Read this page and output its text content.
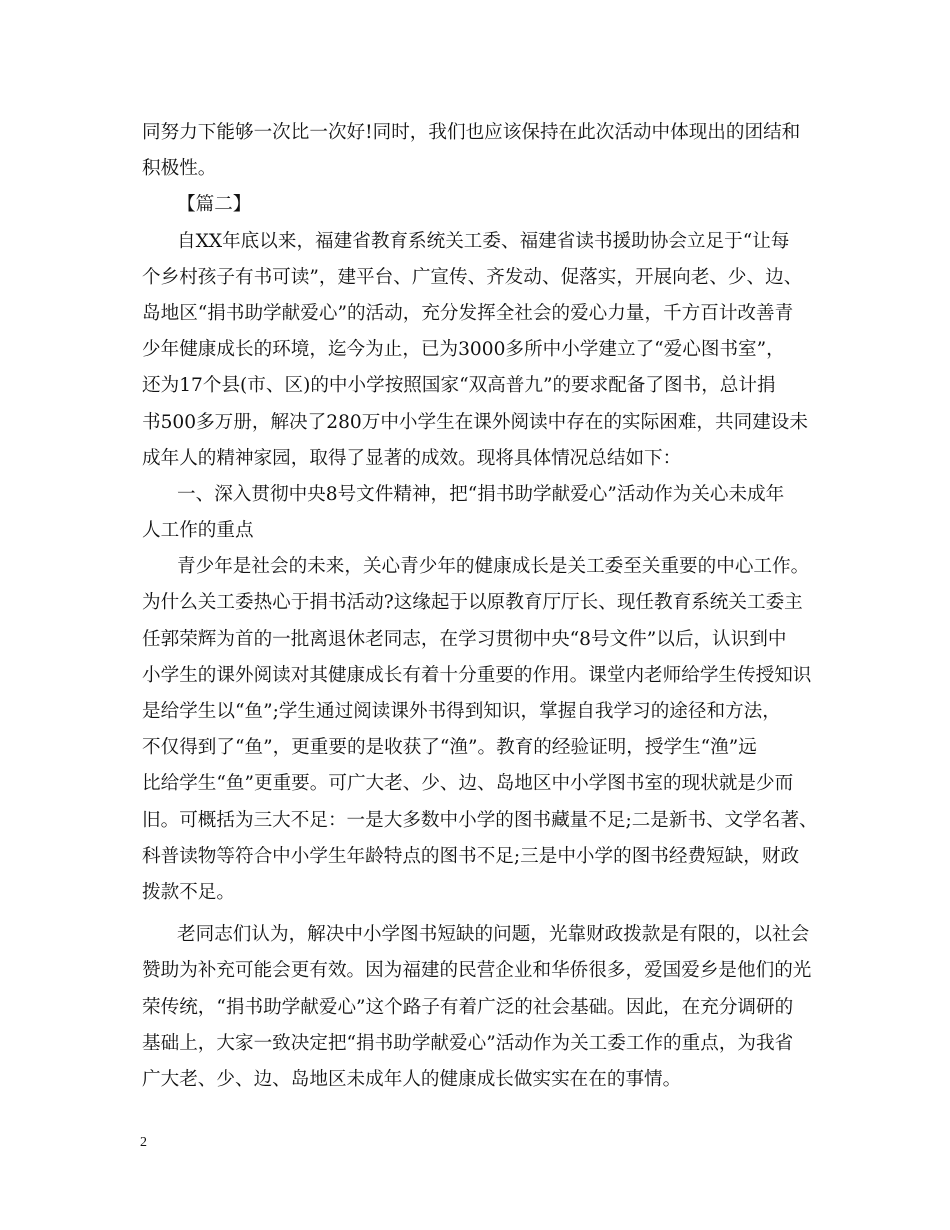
同努力下能够一次比一次好!同时，我们也应该保持在此次活动中体现出的团结和
积极性。
【篇二】
自XX年底以来，福建省教育系统关工委、福建省读书援助协会立足于“让每
个乡村孩子有书可读”，建平台、广宣传、齐发动、促落实，开展向老、少、边、
岛地区“捐书助学献爱心”的活动，充分发挥全社会的爱心力量，千方百计改善青
少年健康成长的环境，迄今为止，已为3000多所中小学建立了“爱心图书室”，
还为17个县(市、区)的中小学按照国家“双高普九”的要求配备了图书，总计捐
书500多万册，解决了280万中小学生在课外阅读中存在的实际困难，共同建设未
成年人的精神家园，取得了显著的成效。现将具体情况总结如下：
一、深入贯彻中央8号文件精神，把“捐书助学献爱心”活动作为关心未成年
人工作的重点
青少年是社会的未来，关心青少年的健康成长是关工委至关重要的中心工作。
为什么关工委热心于捐书活动?这缘起于以原教育厅厅长、现任教育系统关工委主
任郭荣辉为首的一批离退休老同志，在学习贯彻中央“8号文件”以后，认识到中
小学生的课外阅读对其健康成长有着十分重要的作用。课堂内老师给学生传授知识
是给学生以“鱼”;学生通过阅读课外书得到知识，掌握自我学习的途径和方法，
不仅得到了“鱼”，更重要的是收获了“渔”。教育的经验证明，授学生“渔”远
比给学生“鱼”更重要。可广大老、少、边、岛地区中小学图书室的现状就是少而
旧。可概括为三大不足：一是大多数中小学的图书藏量不足;二是新书、文学名著、
科普读物等符合中小学生年龄特点的图书不足;三是中小学的图书经费短缺，财政
拨款不足。
老同志们认为，解决中小学图书短缺的问题，光靠财政拨款是有限的，以社会
赞助为补充可能会更有效。因为福建的民营企业和华侨很多，爱国爱乡是他们的光
荣传统，“捐书助学献爱心”这个路子有着广泛的社会基础。因此，在充分调研的
基础上，大家一致决定把“捐书助学献爱心”活动作为关工委工作的重点，为我省
广大老、少、边、岛地区未成年人的健康成长做实实在在的事情。
2
